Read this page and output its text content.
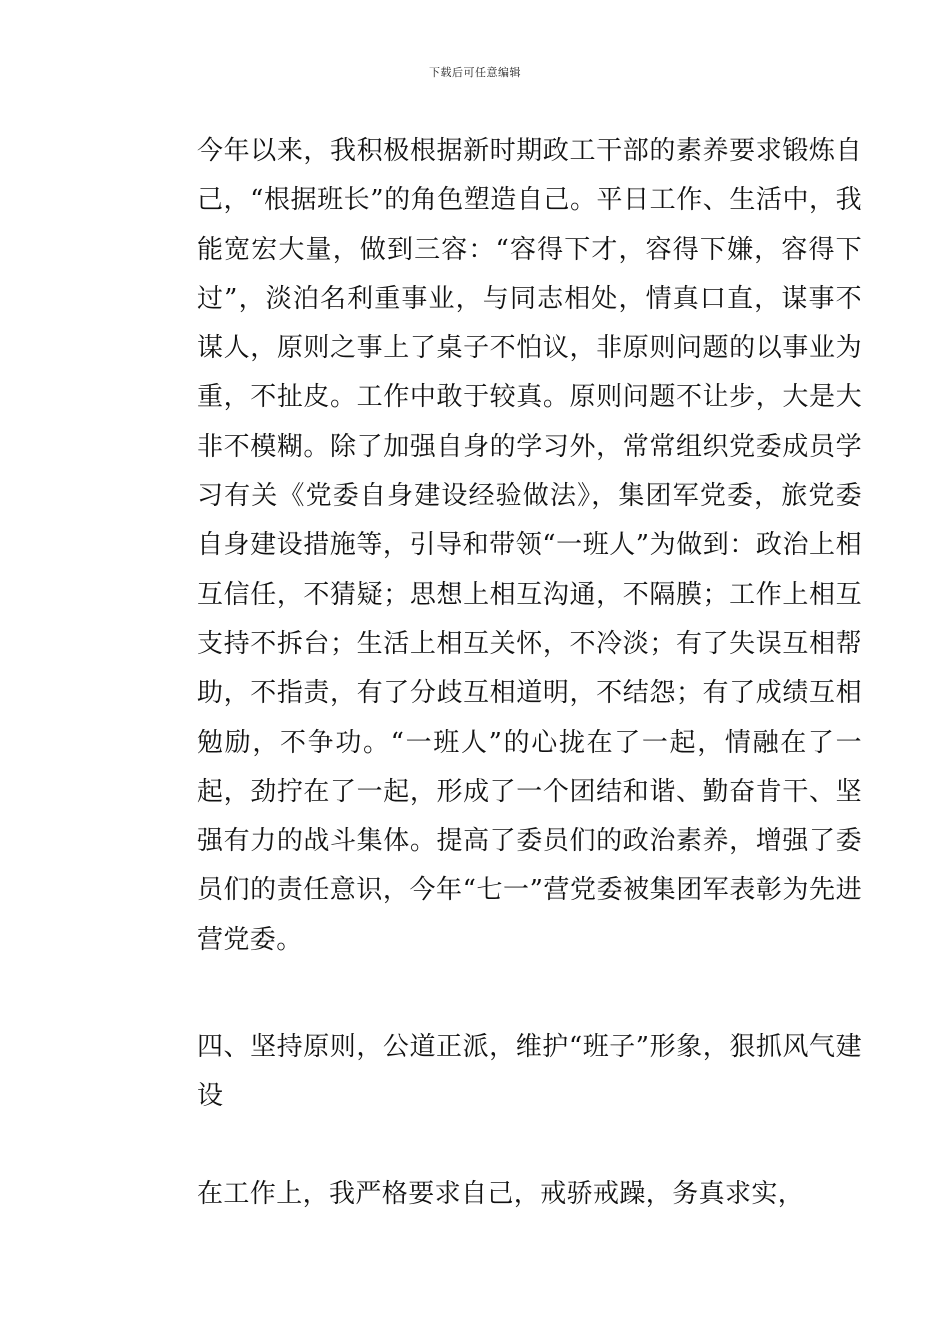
下载后可任意编辑

今年以来，我积极根据新时期政工干部的素养要求锻炼自己，“根据班长”的角色塑造自己。平日工作、生活中，我能宽宏大量，做到三容：“容得下才，容得下嫌，容得下过”，淡泊名利重事业，与同志相处，情真口直，谋事不谋人，原则之事上了桌子不怕议，非原则问题的以事业为重，不扯皮。工作中敢于较真。原则问题不让步，大是大非不模糊。除了加强自身的学习外，常常组织党委成员学习有关《党委自身建设经验做法》，集团军党委，旅党委自身建设措施等，引导和带领“一班人”为做到：政治上相互信任，不猜疑；思想上相互沟通，不隔膜；工作上相互支持不拆台；生活上相互关怀，不冷淡；有了失误互相帮助，不指责，有了分歧互相道明，不结怨；有了成绩互相勉励，不争功。“一班人”的心拢在了一起，情融在了一起，劲拧在了一起，形成了一个团结和谐、勤奋肯干、坚强有力的战斗集体。提高了委员们的政治素养，增强了委员们的责任意识，今年“七一”营党委被集团军表彰为先进营党委。

四、坚持原则，公道正派，维护“班子”形象，狠抓风气建设

在工作上，我严格要求自己，戒骄戒躁，务真求实，
